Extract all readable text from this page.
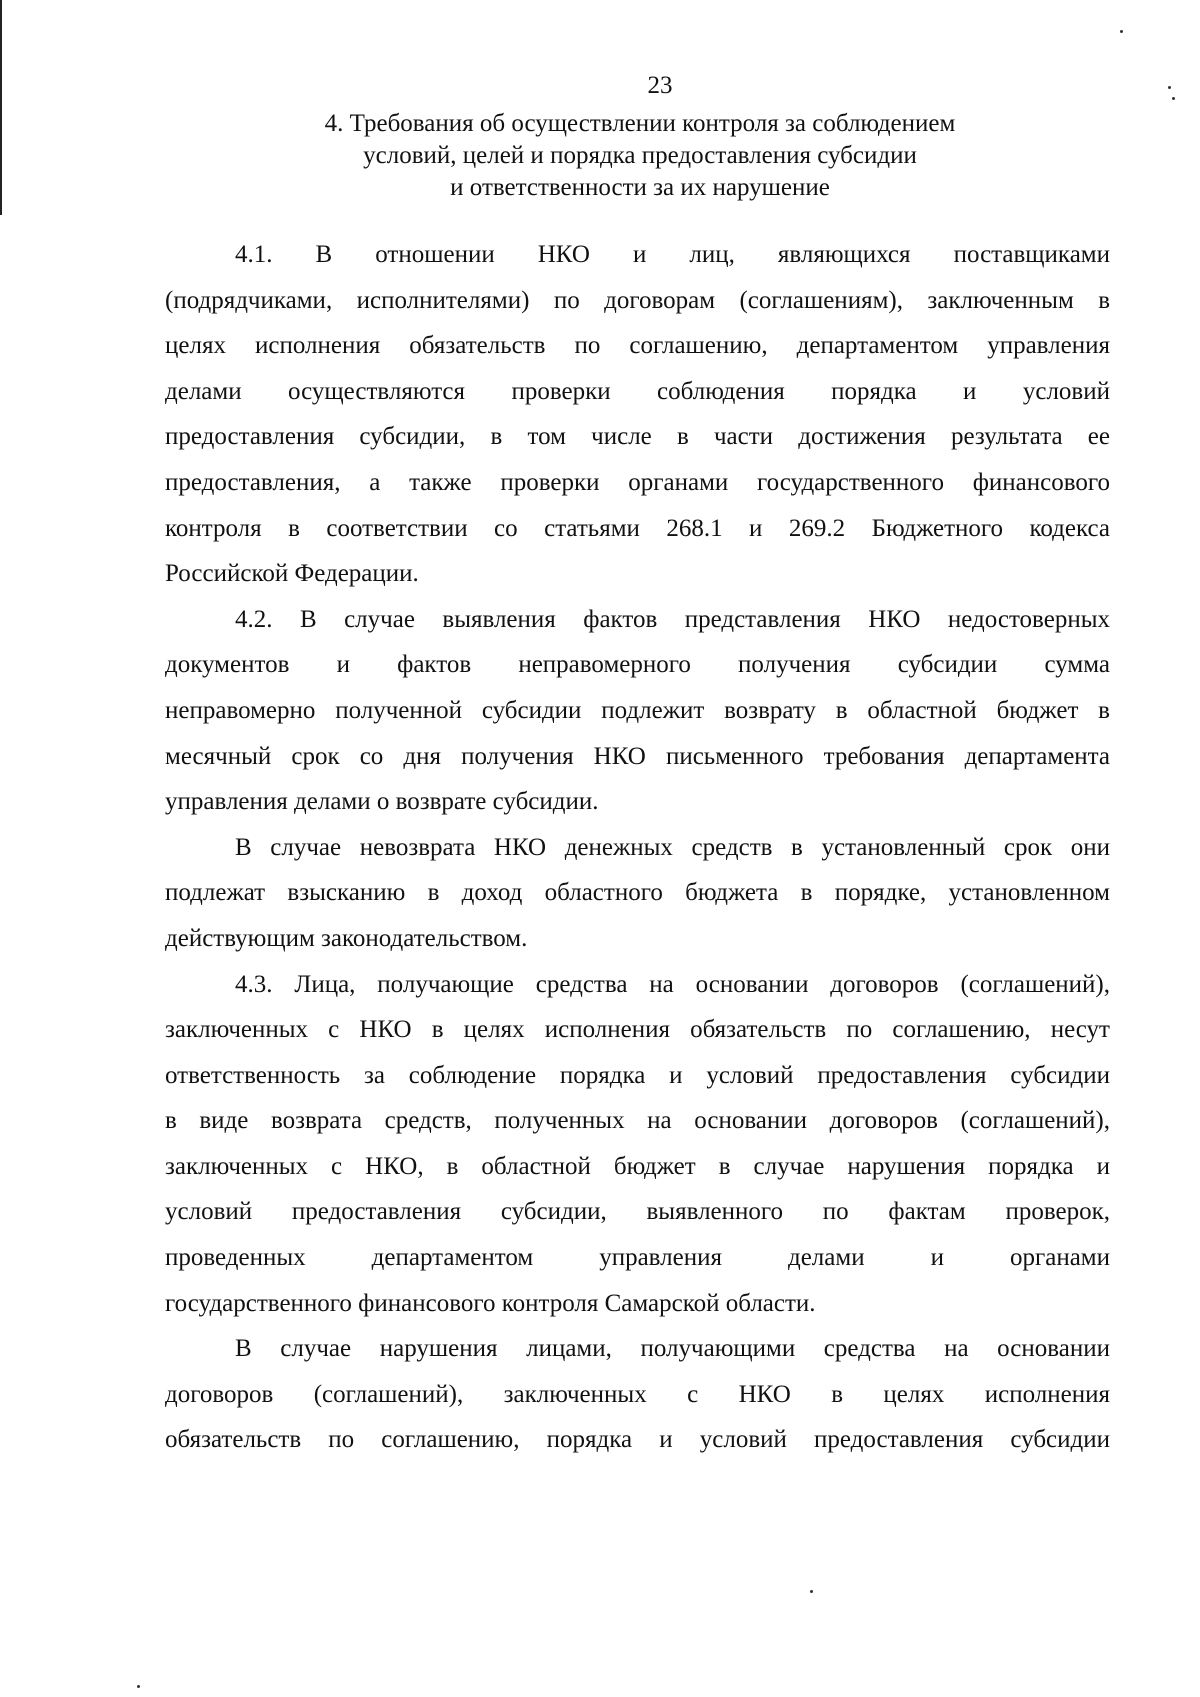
23
4. Требования об осуществлении контроля за соблюдением
условий, целей и порядка предоставления субсидии
и ответственности за их нарушение
4.1. В отношении НКО и лиц, являющихся поставщиками
(подрядчиками, исполнителями) по договорам (соглашениям), заключенным в
целях исполнения обязательств по соглашению, департаментом управления
делами осуществляются проверки соблюдения порядка и условий
предоставления субсидии, в том числе в части достижения результата ее
предоставления, а также проверки органами государственного финансового
контроля в соответствии со статьями 268.1 и 269.2 Бюджетного кодекса
Российской Федерации.
4.2. В случае выявления фактов представления НКО недостоверных
документов и фактов неправомерного получения субсидии сумма
неправомерно полученной субсидии подлежит возврату в областной бюджет в
месячный срок со дня получения НКО письменного требования департамента
управления делами о возврате субсидии.
В случае невозврата НКО денежных средств в установленный срок они
подлежат взысканию в доход областного бюджета в порядке, установленном
действующим законодательством.
4.3. Лица, получающие средства на основании договоров (соглашений),
заключенных с НКО в целях исполнения обязательств по соглашению, несут
ответственность за соблюдение порядка и условий предоставления субсидии
в виде возврата средств, полученных на основании договоров (соглашений),
заключенных с НКО, в областной бюджет в случае нарушения порядка и
условий предоставления субсидии, выявленного по фактам проверок,
проведенных департаментом управления делами и органами
государственного финансового контроля Самарской области.
В случае нарушения лицами, получающими средства на основании
договоров (соглашений), заключенных с НКО в целях исполнения
обязательств по соглашению, порядка и условий предоставления субсидии
